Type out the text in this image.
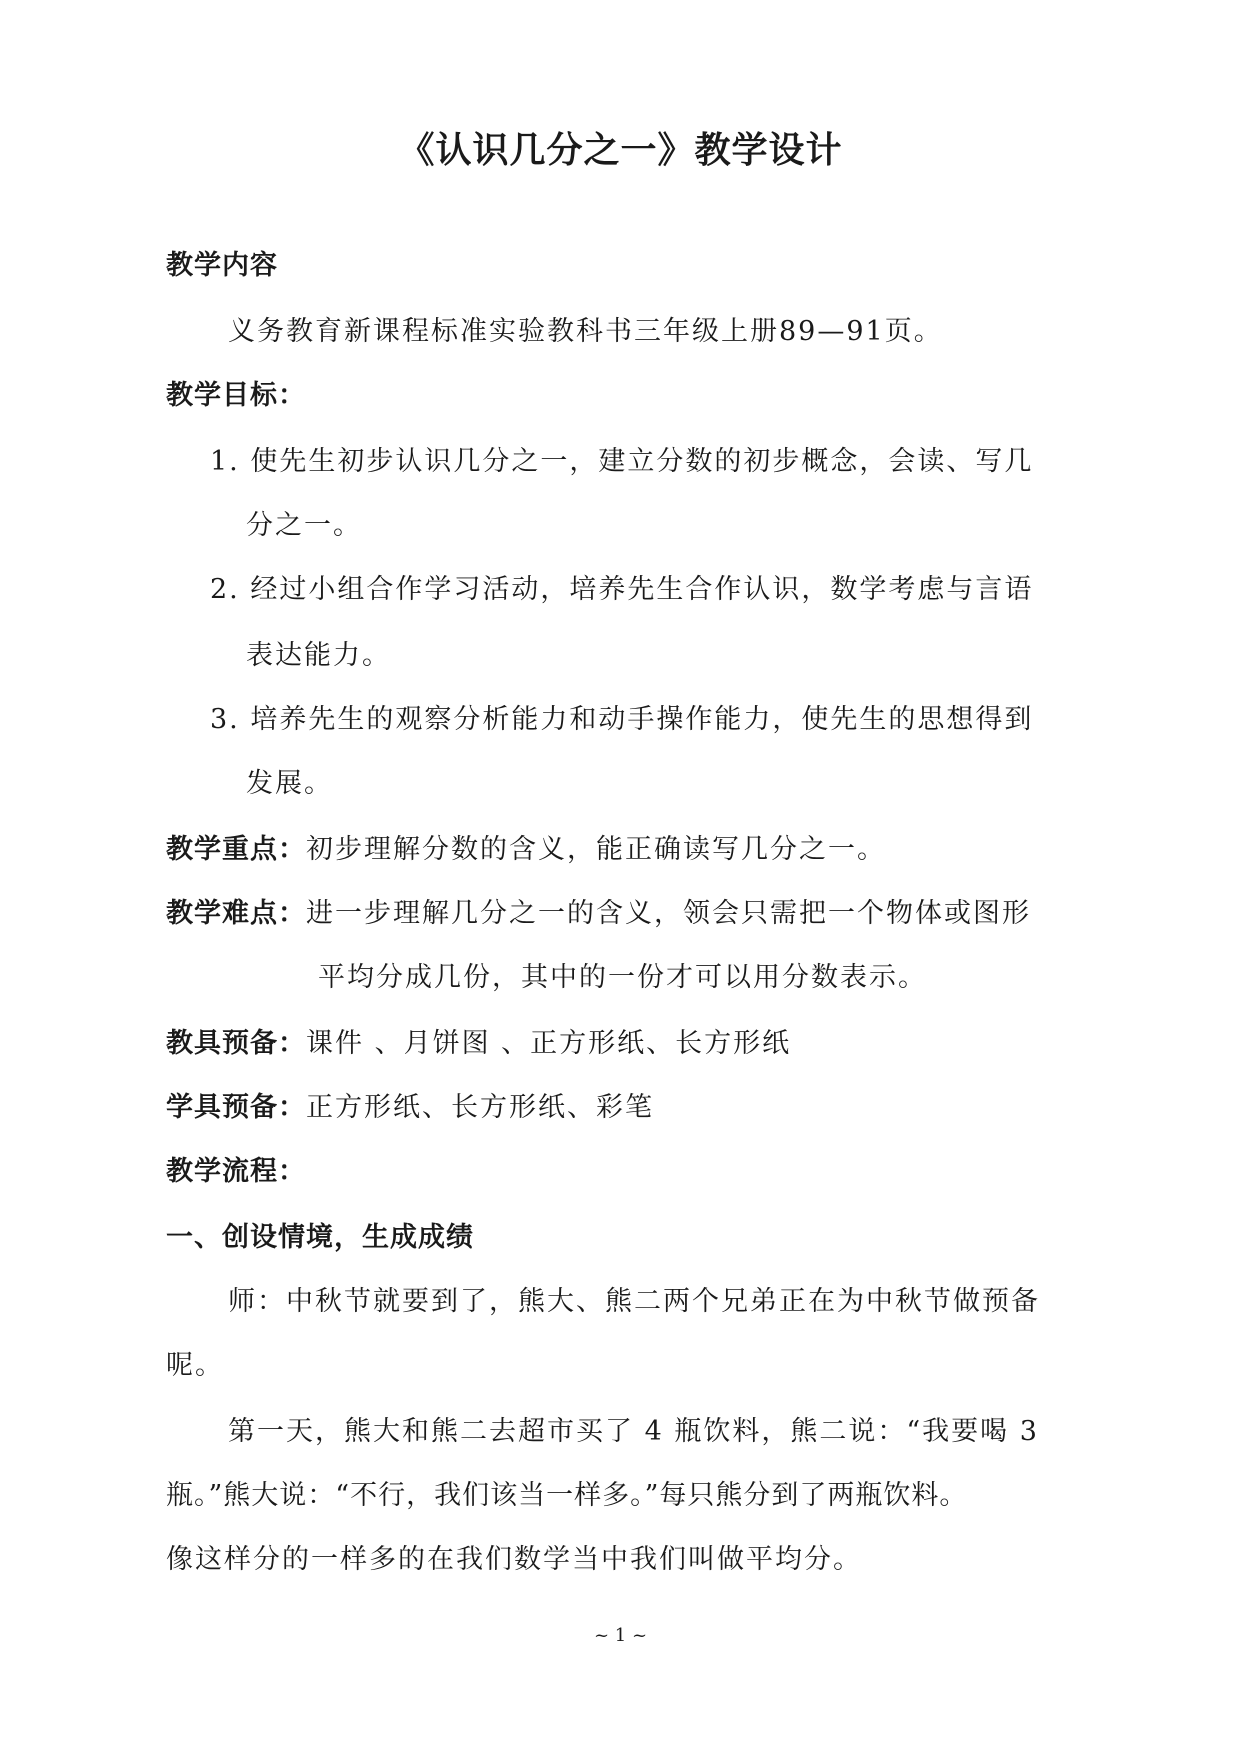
《认识几分之一》教学设计
教学内容
义务教育新课程标准实验教科书三年级上册89—91页。
教学目标：
1. 使先生初步认识几分之一，建立分数的初步概念，会读、写几
分之一。
2. 经过小组合作学习活动，培养先生合作认识，数学考虑与言语
表达能力。
3. 培养先生的观察分析能力和动手操作能力，使先生的思想得到
发展。
教学重点：初步理解分数的含义，能正确读写几分之一。
教学难点：进一步理解几分之一的含义，领会只需把一个物体或图形
平均分成几份，其中的一份才可以用分数表示。
教具预备：课件 、月饼图 、正方形纸、长方形纸
学具预备：正方形纸、长方形纸、彩笔
教学流程：
一、创设情境，生成成绩
师：中秋节就要到了，熊大、熊二两个兄弟正在为中秋节做预备
呢。
第一天，熊大和熊二去超市买了 4 瓶饮料，熊二说：“我要喝 3
瓶。”熊大说：“不行，我们该当一样多。”每只熊分到了两瓶饮料。
像这样分的一样多的在我们数学当中我们叫做平均分。
~ 1 ~
